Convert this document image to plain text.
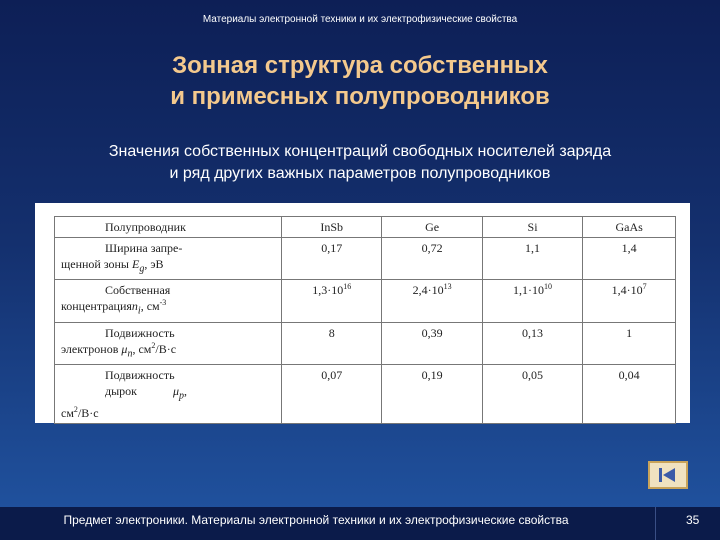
Материалы электронной техники и их электрофизические свойства
Зонная структура собственных
и примесных полупроводников
Значения собственных концентраций свободных носителей заряда
и ряд других важных параметров полупроводников
Полупроводник	InSb	Ge	Si	GaAs

Ширина запре-
щенной зоны $E_g$, эВ	0,17	0,72	1,1	1,4

Собственная
концентрацияn$_i$, $см^{-3}$	$1,3\cdot 10^{16}$	$2,4\cdot 10^{13}$	$1,1\cdot 10^{10}$	$1,4\cdot 10^7$

Подвижность
электронов $\mu_n$, $см^2/В\cdot с$	8	0,39	0,13	1

Подвижность
дырок $\mu_p$,
$см^2/В\cdot с$	0,07	0,19	0,05	0,04
Предмет электроники. Материалы электронной техники и их электрофизические свойства	35
